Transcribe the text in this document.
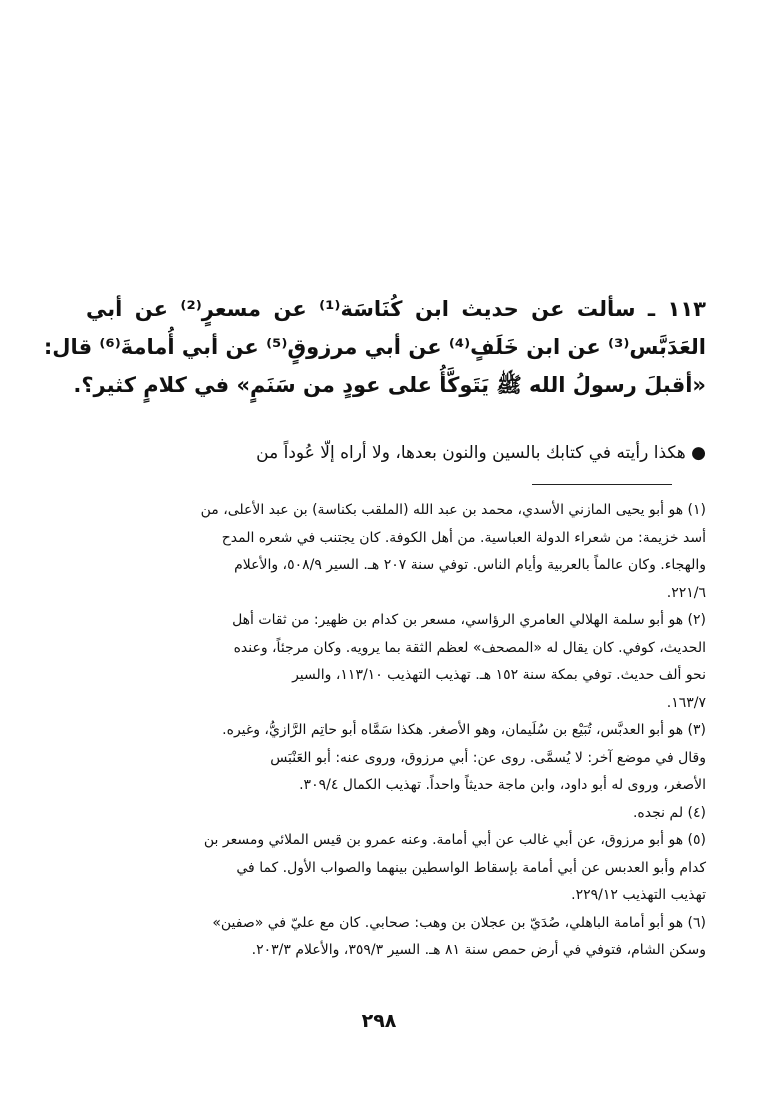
١١٣ ـ سألت عن حديث ابن كُنَاسَة⁽¹⁾ عن مسعرٍ⁽²⁾ عن أبي
العَدَبَّس⁽³⁾ عن ابن خَلَفٍ⁽⁴⁾ عن أبي مرزوقٍ⁽⁵⁾ عن أبي أُمامةَ⁽⁶⁾ قال:
«أقبلَ رسولُ الله ﷺ يَتَوكَّأُ على عودٍ من سَنَمٍ» في كلامٍ كثير؟.
● هكذا رأيته في كتابك بالسين والنون بعدها، ولا أراه إلّا عُوداً من
(١) هو أبو يحيى المازني الأسدي، محمد بن عبد الله (الملقب بكناسة) بن عبد الأعلى، من
أسد خزيمة: من شعراء الدولة العباسية. من أهل الكوفة. كان يجتنب في شعره المدح
والهجاء. وكان عالماً بالعربية وأيام الناس. توفي سنة ٢٠٧ هـ. السير ٥٠٨/٩، والأعلام
٢٢١/٦.
(٢) هو أبو سلمة الهلالي العامري الرؤاسي، مسعر بن كدام بن ظهير: من ثقات أهل
الحديث، كوفي. كان يقال له «المصحف» لعظم الثقة بما يرويه. وكان مرجئاً، وعنده
نحو ألف حديث. توفي بمكة سنة ١٥٢ هـ. تهذيب التهذيب ١١٣/١٠، والسير
١٦٣/٧.
(٣) هو أبو العدبَّس، تُبَيْع بن سُلَيمان، وهو الأصغر. هكذا سَمَّاه أبو حاتِم الرَّازيُّ، وغيره.
وقال في موضع آخر: لا يُسمَّى. روى عن: أبي مرزوق، وروى عنه: أبو العَنْبَس
الأصغر، وروى له أبو داود، وابن ماجة حديثاً واحداً. تهذيب الكمال ٣٠٩/٤.
(٤) لم نجده.
(٥) هو أبو مرزوق، عن أبي غالب عن أبي أمامة. وعنه عمرو بن قيس الملائي ومسعر بن
كدام وأبو العدبس عن أبي أمامة بإسقاط الواسطين بينهما والصواب الأول. كما في
تهذيب التهذيب ٢٢٩/١٢.
(٦) هو أبو أمامة الباهلي، صُدَيّ بن عجلان بن وهب: صحابي. كان مع عليّ في «صفين»
وسكن الشام، فتوفي في أرض حمص سنة ٨١ هـ. السير ٣٥٩/٣، والأعلام ٢٠٣/٣.
٢٩٨
